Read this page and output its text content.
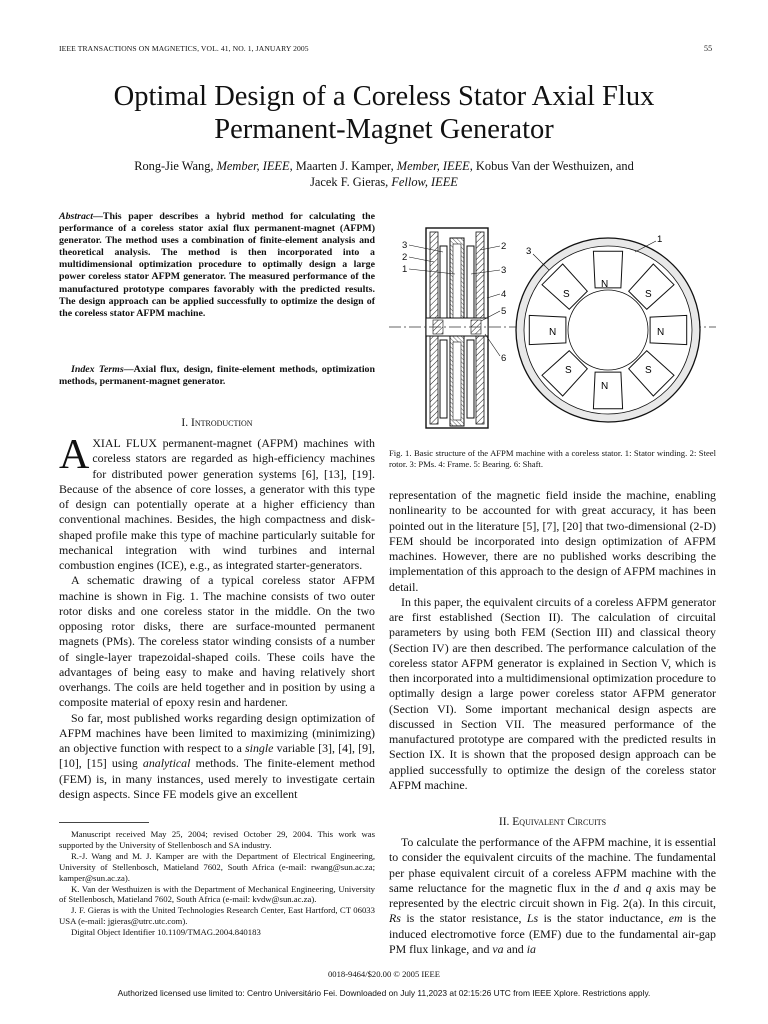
IEEE TRANSACTIONS ON MAGNETICS, VOL. 41, NO. 1, JANUARY 2005	55
Optimal Design of a Coreless Stator Axial Flux
Permanent-Magnet Generator
Rong-Jie Wang, Member, IEEE, Maarten J. Kamper, Member, IEEE, Kobus Van der Westhuizen, and
Jacek F. Gieras, Fellow, IEEE
Abstract—This paper describes a hybrid method for calculating the performance of a coreless stator axial flux permanent-magnet (AFPM) generator. The method uses a combination of finite-element analysis and theoretical analysis. The method is then incorporated into a multidimensional optimization procedure to optimally design a large power coreless stator AFPM generator. The measured performance of the manufactured prototype compares favorably with the predicted results. The design approach can be applied successfully to optimize the design of the coreless stator AFPM machine.
Index Terms—Axial flux, design, finite-element methods, optimization methods, permanent-magnet generator.
I. Introduction

AXIAL FLUX permanent-magnet (AFPM) machines with coreless stators are regarded as high-efficiency machines for distributed power generation systems [6], [13], [19]. Because of the absence of core losses, a generator with this type of design can potentially operate at a higher efficiency than conventional machines. Besides, the high compactness and disk-shaped profile make this type of machine particularly suitable for mechanical integration with wind turbines and internal combustion engines (ICE), e.g., as integrated starter-generators.

A schematic drawing of a typical coreless stator AFPM machine is shown in Fig. 1. The machine consists of two outer rotor disks and one coreless stator in the middle. On the two opposing rotor disks, there are surface-mounted permanent magnets (PMs). The coreless stator winding consists of a number of single-layer trapezoidal-shaped coils. These coils have the advantages of being easy to make and having relatively short overhangs. The coils are held together and in position by using a composite material of epoxy resin and hardener.

So far, most published works regarding design optimization of AFPM machines have been limited to maximizing (minimizing) an objective function with respect to a single variable [3], [4], [9], [10], [15] using analytical methods. The finite-element method (FEM) is, in many instances, used merely to investigate certain design aspects. Since FE models give an excellent

Manuscript received May 25, 2004; revised October 29, 2004. This work was supported by the University of Stellenbosch and SA industry.

R.-J. Wang and M. J. Kamper are with the Department of Electrical Engineering, University of Stellenbosch, Matieland 7602, South Africa (e-mail: rwang@sun.ac.za; kamper@sun.ac.za).

K. Van der Westhuizen is with the Department of Mechanical Engineering, University of Stellenbosch, Matieland 7602, South Africa (e-mail: kvdw@sun.ac.za).

J. F. Gieras is with the United Technologies Research Center, East Hartford, CT 06033 USA (e-mail: jgieras@utrc.utc.com).

Digital Object Identifier 10.1109/TMAG.2004.840183

3
2
1
2
3
4
5
6
N
N
N	N
S	S
S	S
3
1
Fig. 1. Basic structure of the AFPM machine with a coreless stator. 1: Stator winding. 2: Steel rotor. 3: PMs. 4: Frame. 5: Bearing. 6: Shaft.

representation of the magnetic field inside the machine, enabling nonlinearity to be accounted for with great accuracy, it has been pointed out in the literature [5], [7], [20] that two-dimensional (2-D) FEM should be incorporated into design optimization of AFPM machines. However, there are no published works describing the implementation of this approach to the design of AFPM machines in detail.

In this paper, the equivalent circuits of a coreless AFPM generator are first established (Section II). The calculation of circuital parameters by using both FEM (Section III) and classical theory (Section IV) are then described. The performance calculation of the coreless stator AFPM generator is explained in Section V, which is then incorporated into a multidimensional optimization procedure to optimally design a large power coreless stator AFPM generator (Section VI). Some important mechanical design aspects are discussed in Section VII. The measured performance of the manufactured prototype are compared with the predicted results in Section IX. It is shown that the proposed design approach can be applied successfully to optimize the design of the coreless stator AFPM machine.

II. Equivalent Circuits

To calculate the performance of the AFPM machine, it is essential to consider the equivalent circuits of the machine. The fundamental per phase equivalent circuit of a coreless AFPM machine with the same reluctance for the magnetic flux in the d and q axis may be represented by the electric circuit shown in Fig. 2(a). In this circuit, Rs is the stator resistance, Ls is the stator inductance, em is the induced electromotive force (EMF) due to the fundamental air-gap PM flux linkage, and va and ia

0018-9464/$20.00 © 2005 IEEE
Authorized licensed use limited to: Centro Universitário Fei. Downloaded on July 11,2023 at 02:15:26 UTC from IEEE Xplore. Restrictions apply.
